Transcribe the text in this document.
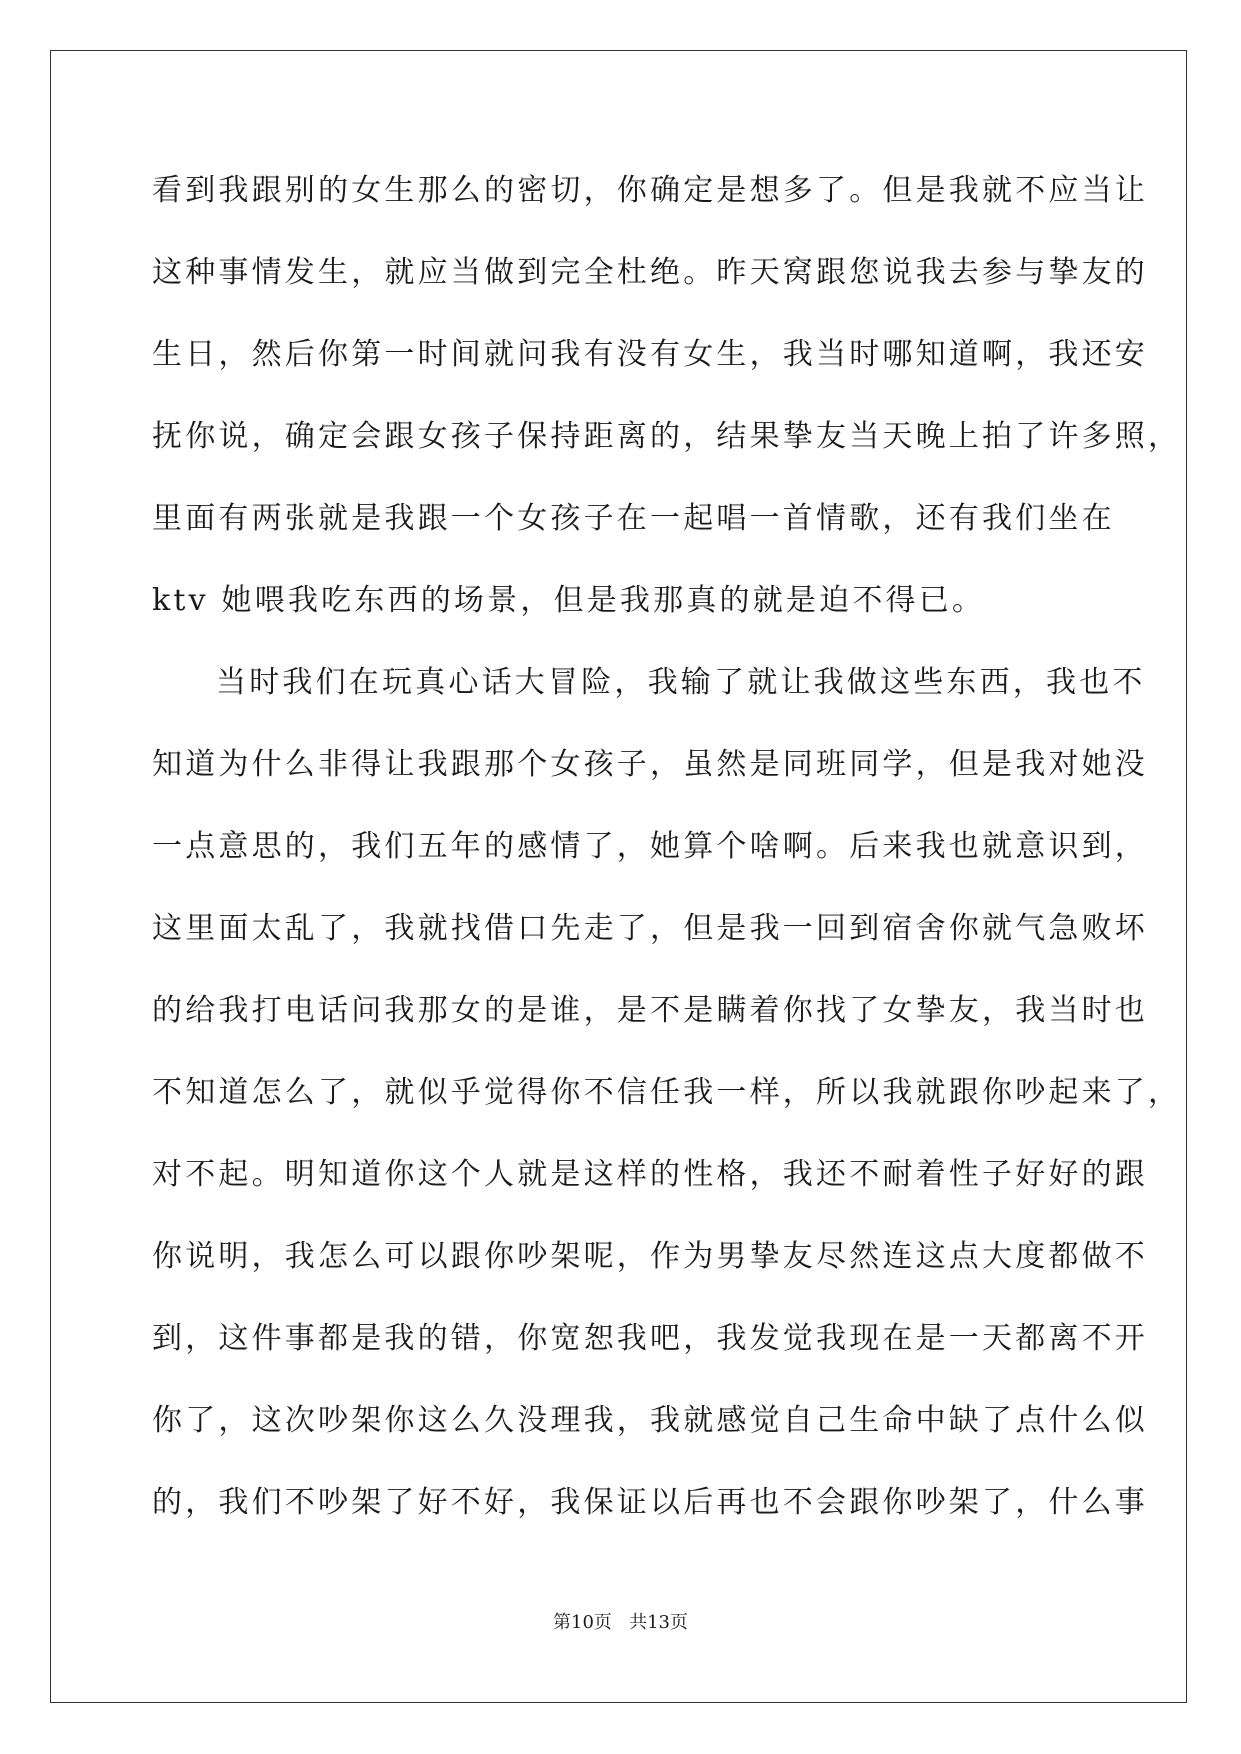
看到我跟别的女生那么的密切，你确定是想多了。但是我就不应当让
这种事情发生，就应当做到完全杜绝。昨天窝跟您说我去参与挚友的
生日，然后你第一时间就问我有没有女生，我当时哪知道啊，我还安
抚你说，确定会跟女孩子保持距离的，结果挚友当天晚上拍了许多照，
里面有两张就是我跟一个女孩子在一起唱一首情歌，还有我们坐在
ktv 她喂我吃东西的场景，但是我那真的就是迫不得已。
当时我们在玩真心话大冒险，我输了就让我做这些东西，我也不
知道为什么非得让我跟那个女孩子，虽然是同班同学，但是我对她没
一点意思的，我们五年的感情了，她算个啥啊。后来我也就意识到，
这里面太乱了，我就找借口先走了，但是我一回到宿舍你就气急败坏
的给我打电话问我那女的是谁，是不是瞒着你找了女挚友，我当时也
不知道怎么了，就似乎觉得你不信任我一样，所以我就跟你吵起来了，
对不起。明知道你这个人就是这样的性格，我还不耐着性子好好的跟
你说明，我怎么可以跟你吵架呢，作为男挚友尽然连这点大度都做不
到，这件事都是我的错，你宽恕我吧，我发觉我现在是一天都离不开
你了，这次吵架你这么久没理我，我就感觉自己生命中缺了点什么似
的，我们不吵架了好不好，我保证以后再也不会跟你吵架了，什么事
第10页 共13页
